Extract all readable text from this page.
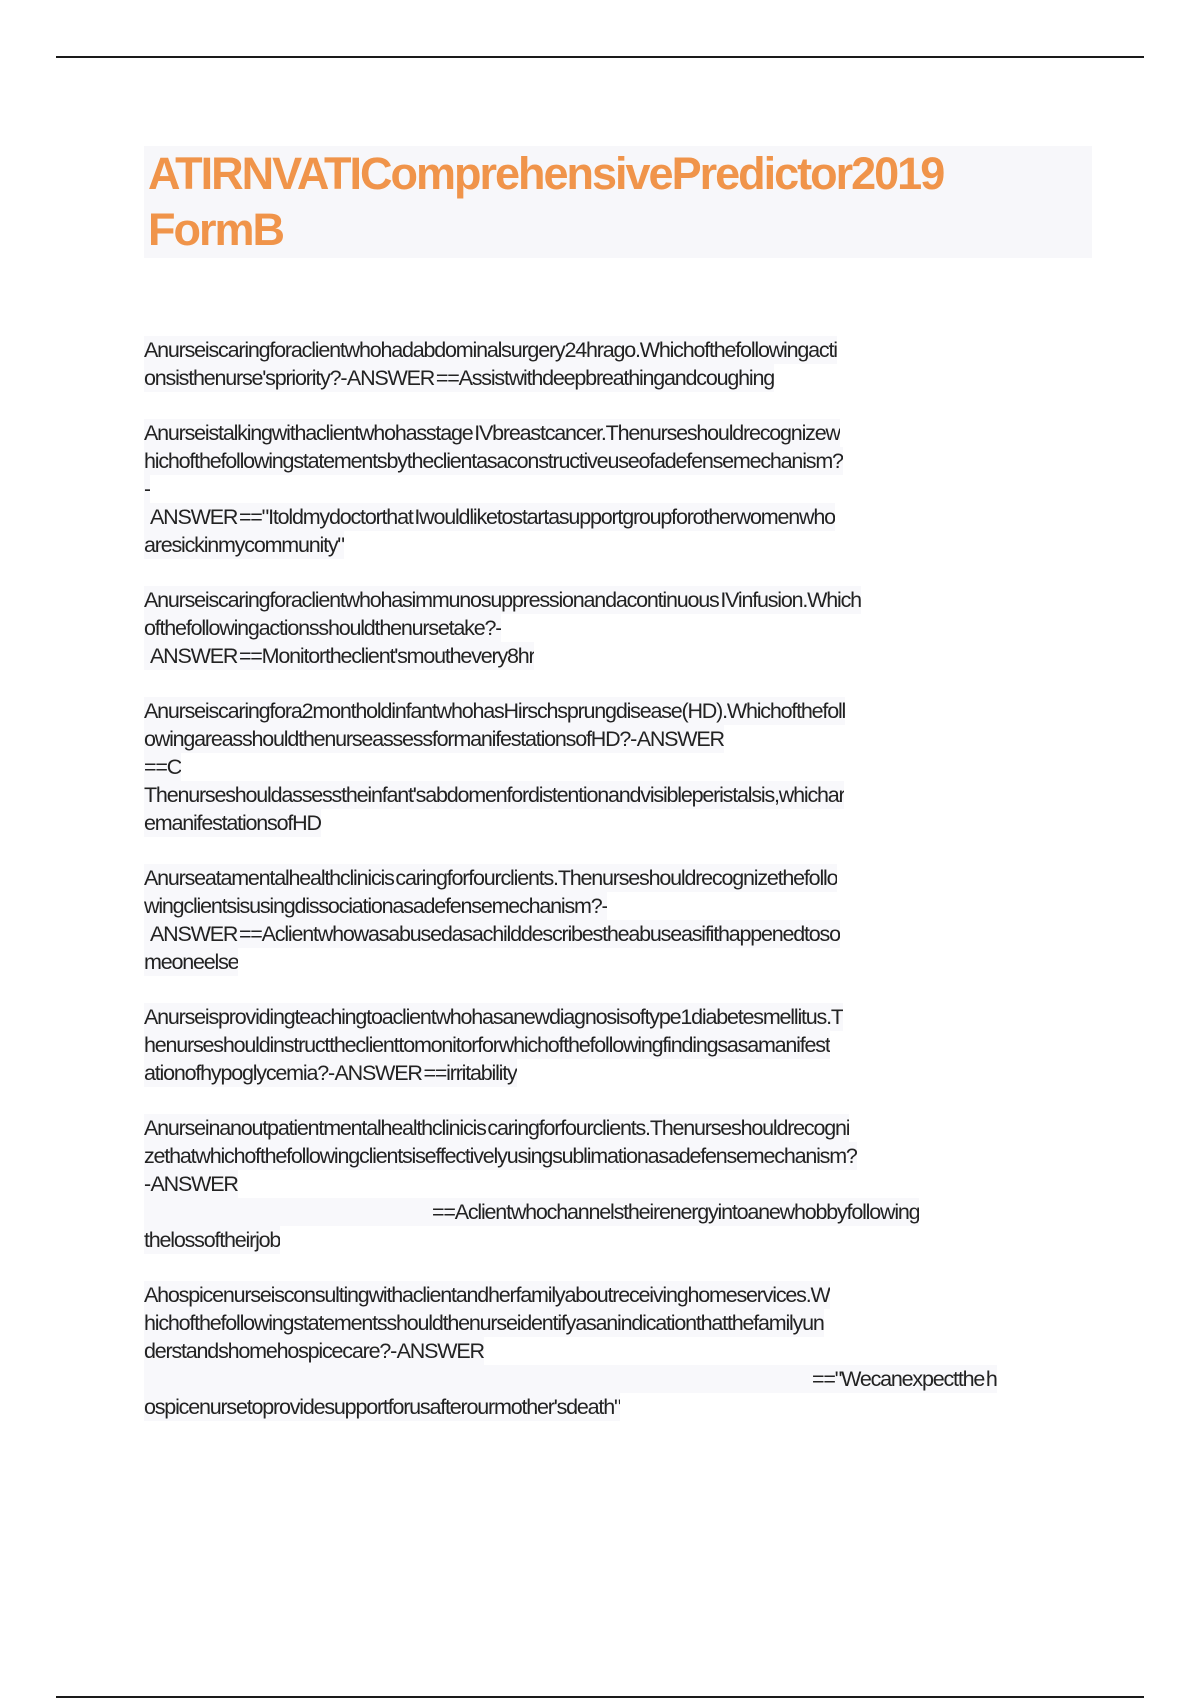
ATIRNVATIComprehensivePredictor2019
FormB
Anurseiscaringforaclientwhohadabdominalsurgery24hrago.Whichofthefollowingacti
onsisthenurse'spriority?- ANSWER ==Assistwithdeepbreathingandcoughing
Anurseistalkingwithaclientwhohasstage IVbreastcancer.Thenurseshouldrecognizew
hichofthefollowingstatementsbytheclientasaconstructiveuseofadefensemechanism?
-
ANSWER =="Itoldmydoctorthat Iwouldliketostartasupportgroupforotherwomenwho
aresickinmycommunity"
Anurseiscaringforaclientwhohasimmunosuppressionandacontinuous IVinfusion.Which
ofthefollowingactionsshouldthenursetake?-
ANSWER ==Monitortheclient'smouthevery8hr
Anurseiscaringfora2montholdinfantwhohasHirschsprungdisease(HD).Whichofthefoll
owingareasshouldthenurseassessformanifestationsofHD?- ANSWER
==C
Thenurseshouldassesstheinfant'sabdomenfordistentionandvisibleperistalsis,whichar
emanifestationsofHD
Anurseatamentalhealthclinicis caringforfourclients.Thenurseshouldrecognizethefollo
wingclientsisusingdissociationasadefensemechanism?-
ANSWER ==Aclientwhowasabusedasachilddescribestheabuseasifithappenedtoso
meoneelse
Anurseisprovidingteachingtoaclientwhohasanewdiagnosisoftype1diabetesmellitus.T
henurseshouldinstructtheclienttomonitorforwhichofthefollowingfindingsasamanifest
ationofhypoglycemia?- ANSWER ==irritability
Anurseinanoutpatientmentalhealthclinicis caringforfourclients.Thenurseshouldrecogni
zethatwhichofthefollowingclientsiseffectivelyusingsublimationasadefensemechanism?
- ANSWER
==Aclientwhochannelstheirenergyintoanewhobbyfollowing
thelossoftheirjob
Ahospicenurseisconsultingwithaclientandherfamilyaboutreceivinghomeservices.W
hichofthefollowingstatementsshouldthenurseidentifyasanindicationthatthefamilyun
derstandshomehospicecare?- ANSWER
=="Wecanexpectthe h
ospicenursetoprovidesupportforusafterourmother'sdeath"
